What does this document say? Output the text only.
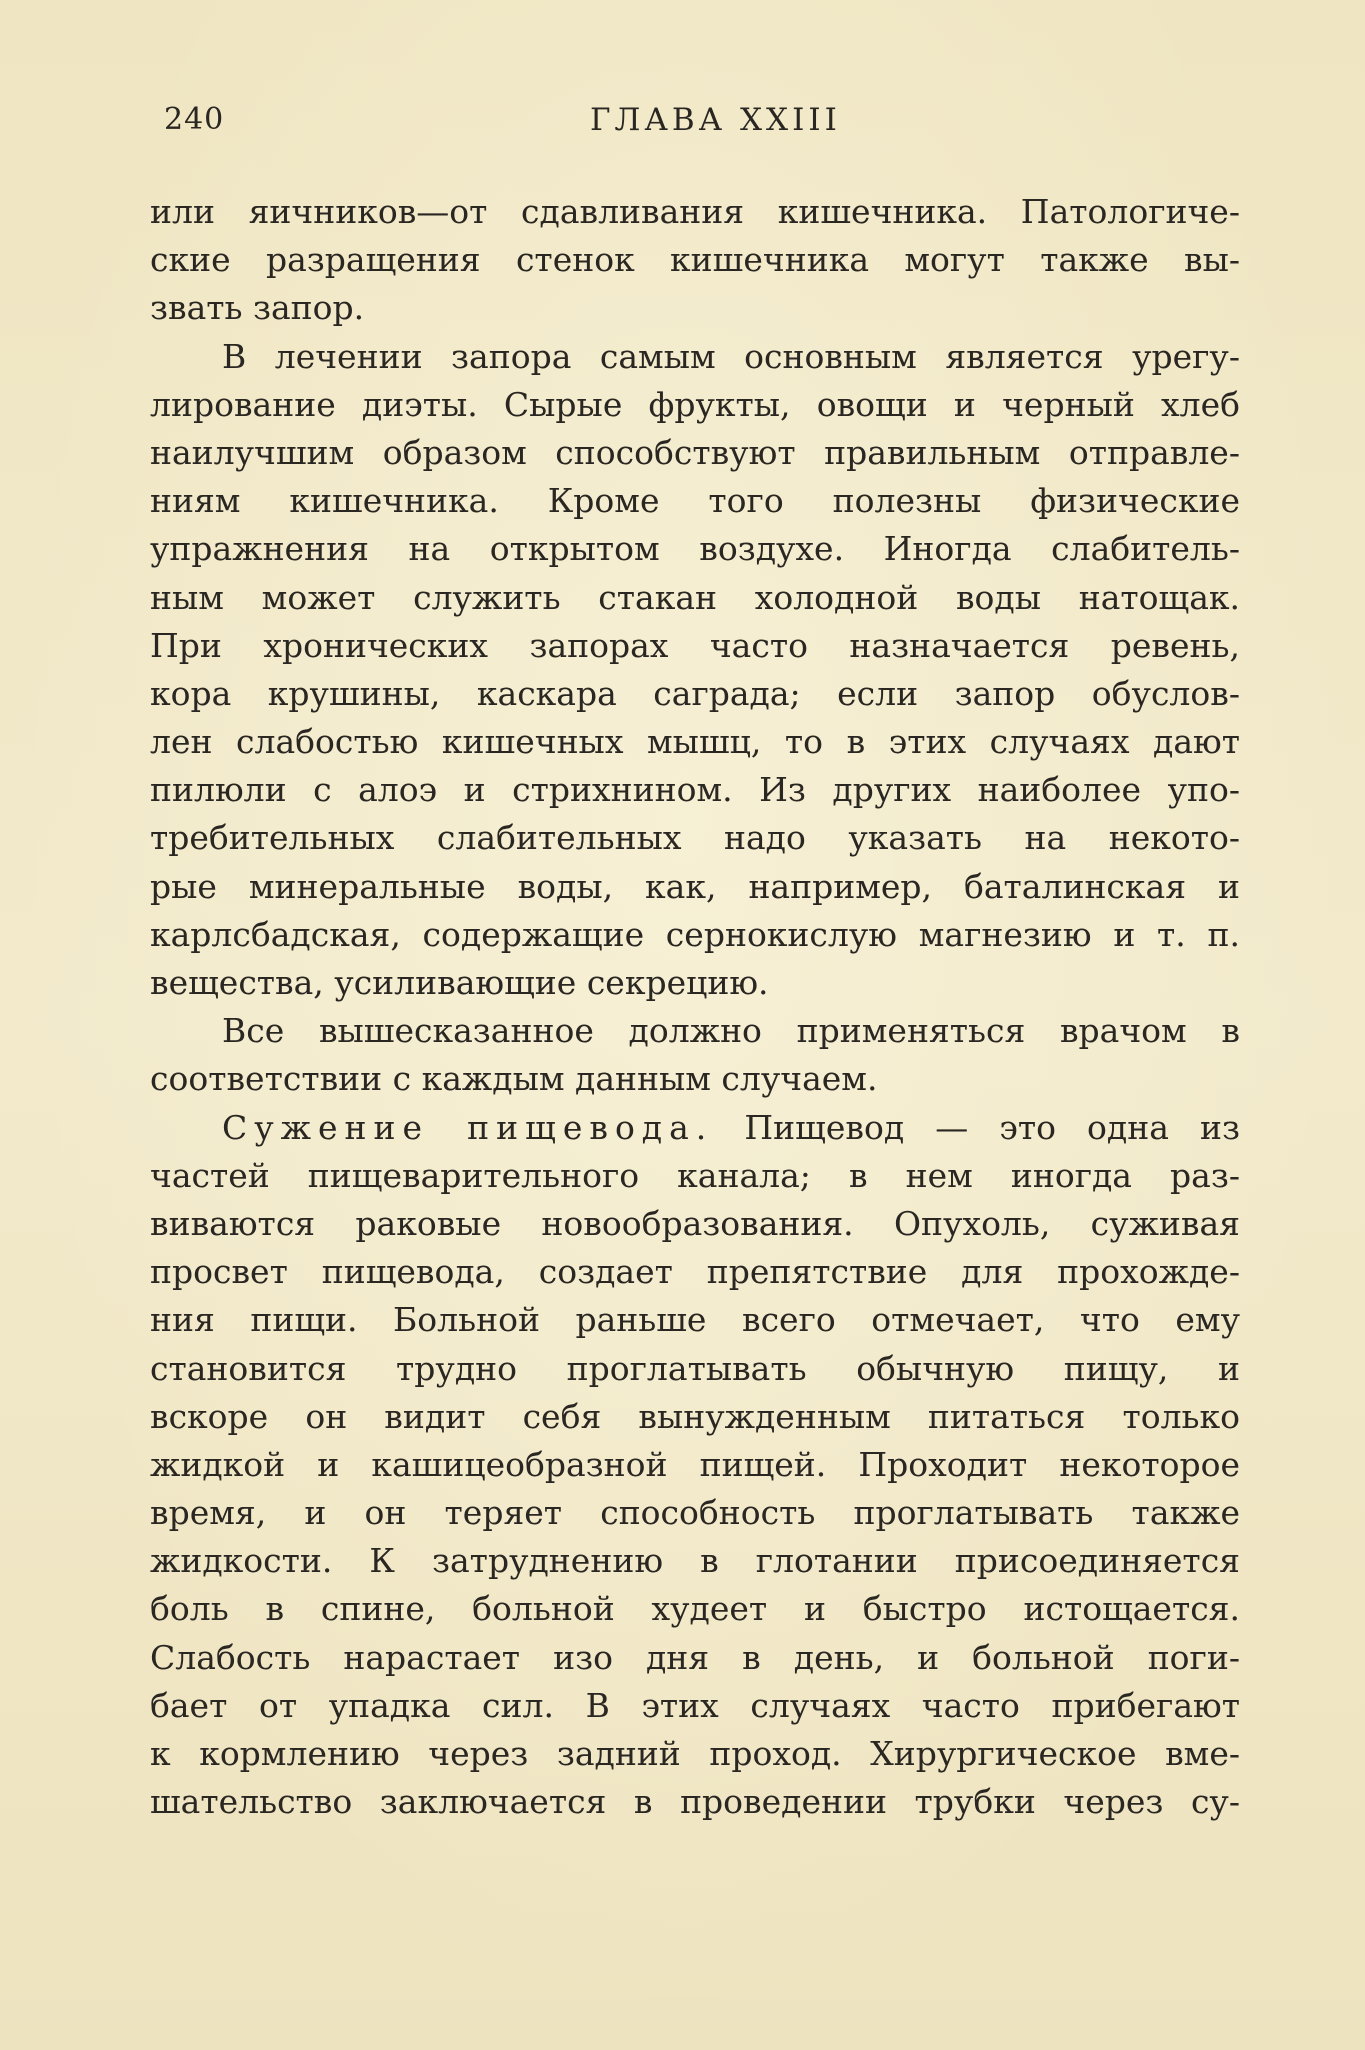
240	ГЛАВА XXIII
или яичников—от сдавливания кишечника. Патологиче-
ские разращения стенок кишечника могут также вы-
звать запор.
В лечении запора самым основным является урегу-
лирование диэты. Сырые фрукты, овощи и черный хлеб
наилучшим образом способствуют правильным отправле-
ниям кишечника. Кроме того полезны физические
упражнения на открытом воздухе. Иногда слабитель-
ным может служить стакан холодной воды натощак.
При хронических запорах часто назначается ревень,
кора крушины, каскара саграда; если запор обуслов-
лен слабостью кишечных мышц, то в этих случаях дают
пилюли с алоэ и стрихнином. Из других наиболее упо-
требительных слабительных надо указать на некото-
рые минеральные воды, как, например, баталинская и
карлсбадская, содержащие сернокислую магнезию и т. п.
вещества, усиливающие секрецию.
Все вышесказанное должно применяться врачом в
соответствии с каждым данным случаем.
Сужение пищевода. Пищевод — это одна из
частей пищеварительного канала; в нем иногда раз-
виваются раковые новообразования. Опухоль, суживая
просвет пищевода, создает препятствие для прохожде-
ния пищи. Больной раньше всего отмечает, что ему
становится трудно проглатывать обычную пищу, и
вскоре он видит себя вынужденным питаться только
жидкой и кашицеобразной пищей. Проходит некоторое
время, и он теряет способность проглатывать также
жидкости. К затруднению в глотании присоединяется
боль в спине, больной худеет и быстро истощается.
Слабость нарастает изо дня в день, и больной поги-
бает от упадка сил. В этих случаях часто прибегают
к кормлению через задний проход. Хирургическое вме-
шательство заключается в проведении трубки через су-
